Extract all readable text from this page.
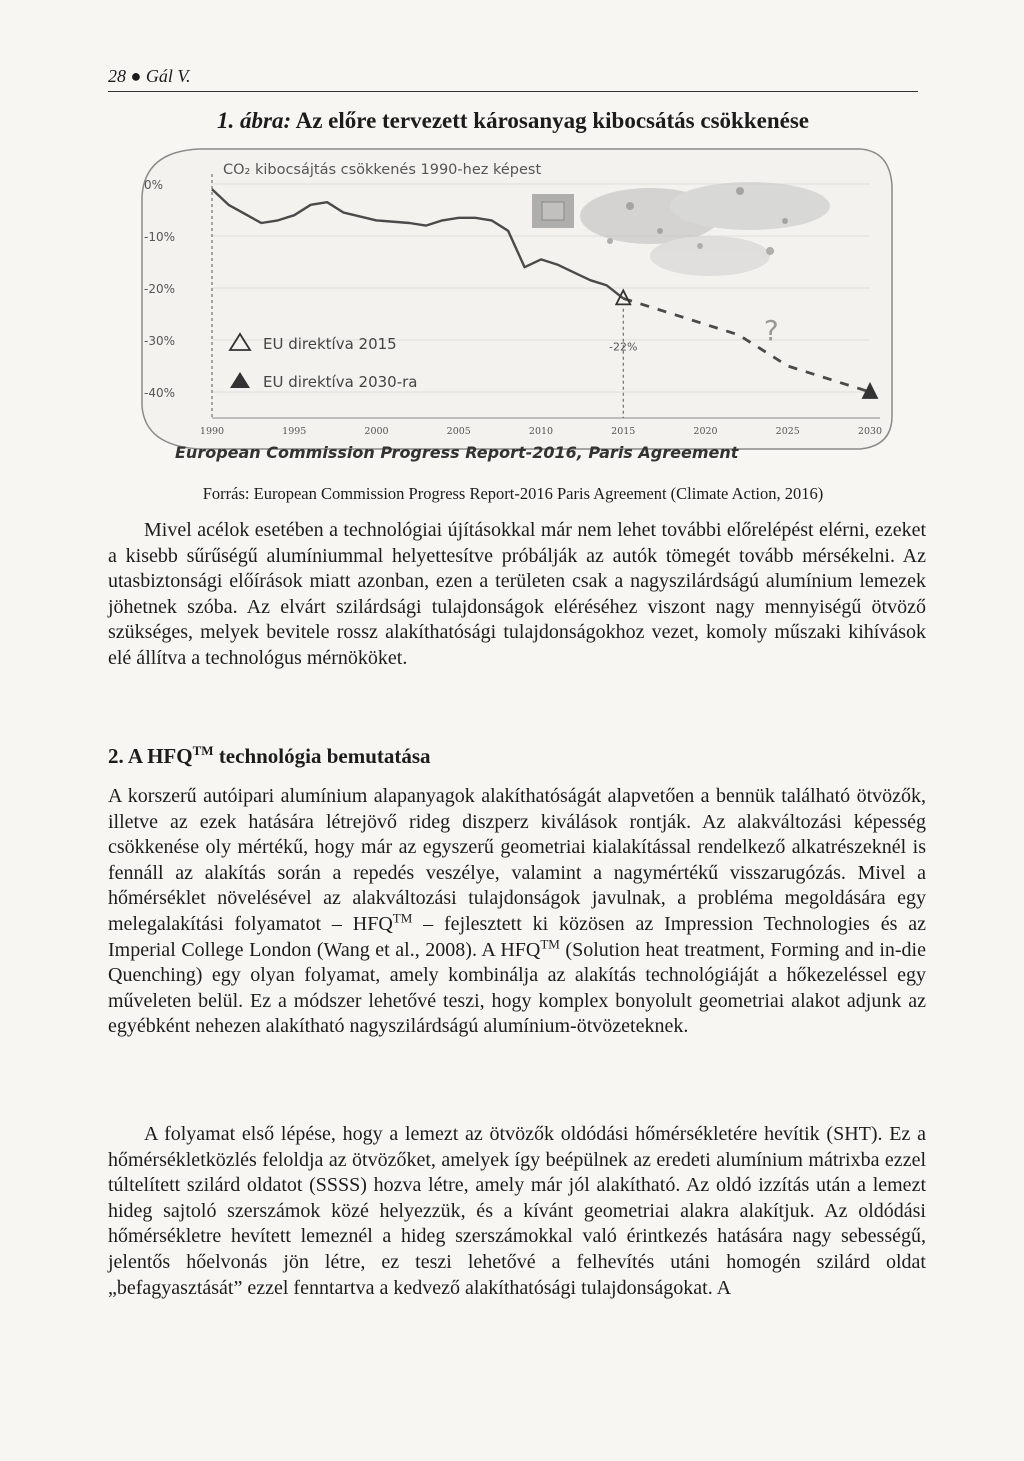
28 ● Gál V.
1. ábra: Az előre tervezett károsanyag kibocsátás csökkenése
0%
-10%
-20%
-30%
-40%
1990	1995	2000	2005	2010	2015	2020	2025	2030
-22%	?
EU direktíva 2015
EU direktíva 2030-ra
CO₂ kibocsájtás csökkenés 1990-hez képest
European Commission Progress Report-2016, Paris Agreement
Forrás: European Commission Progress Report-2016 Paris Agreement (Climate Action, 2016)

Mivel acélok esetében a technológiai újításokkal már nem lehet további előrelépést elérni, ezeket a kisebb sűrűségű alumíniummal helyettesítve próbálják az autók tömegét tovább mérsékelni. Az utasbiztonsági előírások miatt azonban, ezen a területen csak a nagyszilárdságú alumínium lemezek jöhetnek szóba. Az elvárt szilárdsági tulajdonságok eléréséhez viszont nagy mennyiségű ötvöző szükséges, melyek bevitele rossz alakíthatósági tulajdonságokhoz vezet, komoly műszaki kihívások elé állítva a technológus mérnököket.

2. A HFQ™ technológia bemutatása

A korszerű autóipari alumínium alapanyagok alakíthatóságát alapvetően a bennük található ötvözők, illetve az ezek hatására létrejövő rideg diszperz kiválások rontják. Az alakváltozási képesség csökkenése oly mértékű, hogy már az egyszerű geometriai kialakítással rendelkező alkatrészeknél is fennáll az alakítás során a repedés veszélye, valamint a nagymértékű visszarugózás. Mivel a hőmérséklet növelésével az alakváltozási tulajdonságok javulnak, a probléma megoldására egy melegalakítási folyamatot – HFQ™ – fejlesztett ki közösen az Impression Technologies és az Imperial College London (Wang et al., 2008). A HFQ™ (Solution heat treatment, Forming and in-die Quenching) egy olyan folyamat, amely kombinálja az alakítás technológiáját a hőkezeléssel egy műveleten belül. Ez a módszer lehetővé teszi, hogy komplex bonyolult geometriai alakot adjunk az egyébként nehezen alakítható nagyszilárdságú alumínium-ötvözeteknek.

A folyamat első lépése, hogy a lemezt az ötvözők oldódási hőmérsékletére hevítik (SHT). Ez a hőmérsékletközlés feloldja az ötvözőket, amelyek így beépülnek az eredeti alumínium mátrixba ezzel túltelített szilárd oldatot (SSSS) hozva létre, amely már jól alakítható. Az oldó izzítás után a lemezt hideg sajtoló szerszámok közé helyezzük, és a kívánt geometriai alakra alakítjuk. Az oldódási hőmérsékletre hevített lemeznél a hideg szerszámokkal való érintkezés hatására nagy sebességű, jelentős hőelvonás jön létre, ez teszi lehetővé a felhevítés utáni homogén szilárd oldat „befagyasztását” ezzel fenntartva a kedvező alakíthatósági tulajdonságokat. A
